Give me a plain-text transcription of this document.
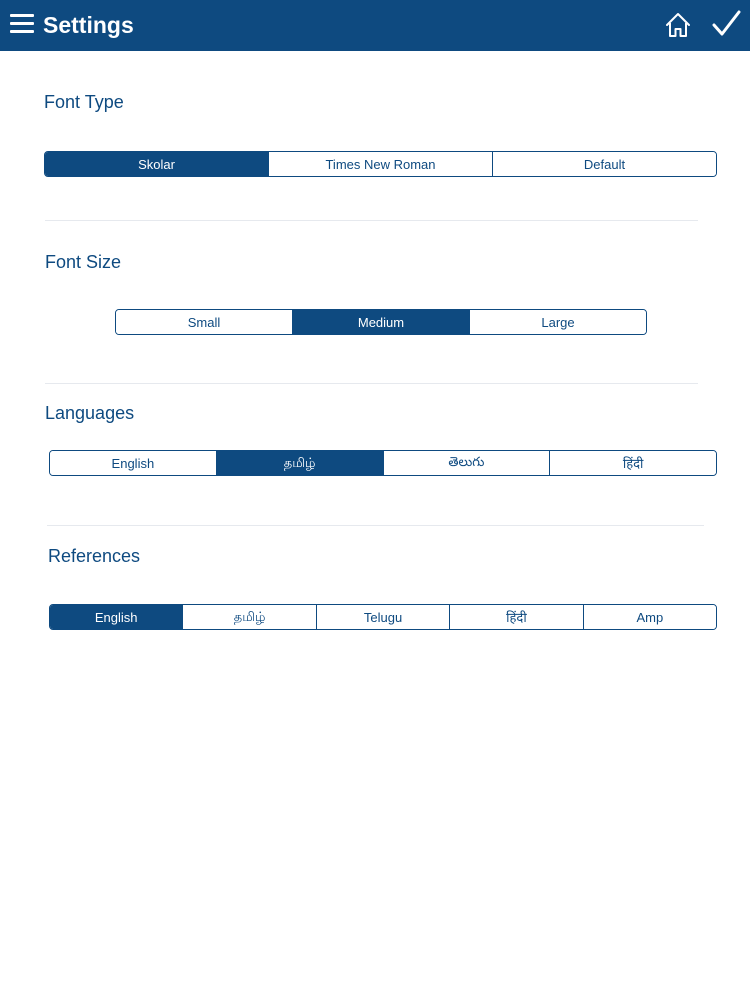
Settings
Font Type
Skolar	Times New Roman	Default
Font Size
Small	Medium	Large
Languages
English	தமிழ்	తెలుగు	हिंदी
References
English	தமிழ்	Telugu	हिंदी	Amp
